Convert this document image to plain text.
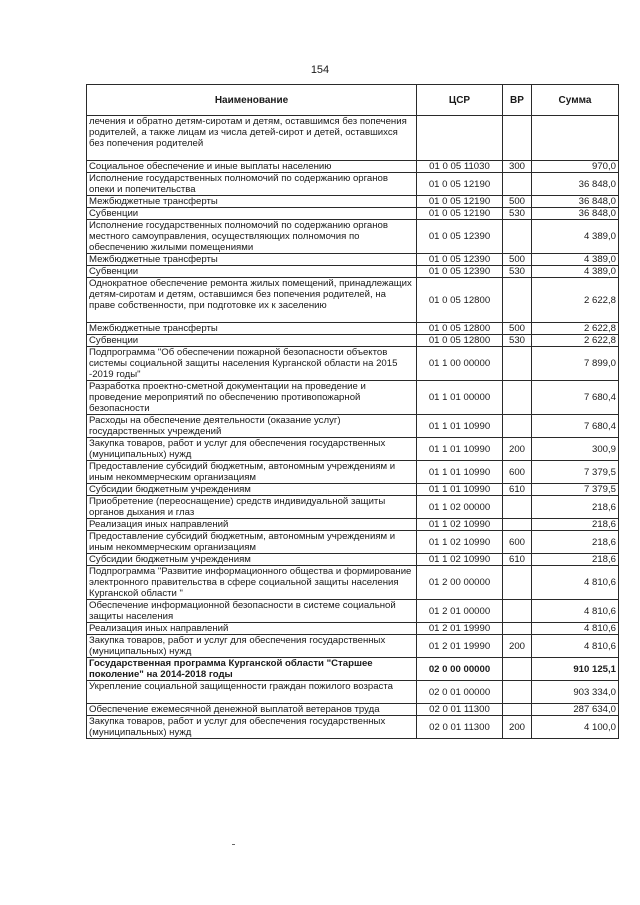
154
Наименование	ЦСР	ВР	Сумма
лечения и обратно детям-сиротам и детям, оставшимся без попечения родителей, а также лицам из числа детей-сирот и детей, оставшихся без попечения родителей			
Социальное обеспечение и иные выплаты населению	01 0 05 11030	300	970,0
Исполнение государственных полномочий по содержанию органов опеки и попечительства	01 0 05 12190		36 848,0
Межбюджетные трансферты	01 0 05 12190	500	36 848,0
Субвенции	01 0 05 12190	530	36 848,0
Исполнение государственных полномочий по содержанию органов местного самоуправления, осуществляющих полномочия по обеспечению жилыми помещениями	01 0 05 12390		4 389,0
Межбюджетные трансферты	01 0 05 12390	500	4 389,0
Субвенции	01 0 05 12390	530	4 389,0
Однократное обеспечение ремонта жилых помещений, принадлежащих детям-сиротам и детям, оставшимся без попечения родителей, на праве собственности, при подготовке их к заселению	01 0 05 12800		2 622,8
Межбюджетные трансферты	01 0 05 12800	500	2 622,8
Субвенции	01 0 05 12800	530	2 622,8
Подпрограмма "Об обеспечении пожарной безопасности объектов системы социальной защиты населения Курганской области на 2015 -2019 годы"	01 1 00 00000		7 899,0
Разработка проектно-сметной документации на проведение и проведение мероприятий по обеспечению противопожарной безопасности	01 1 01 00000		7 680,4
Расходы на обеспечение деятельности (оказание услуг) государственных учреждений	01 1 01 10990		7 680,4
Закупка товаров, работ и услуг для обеспечения государственных (муниципальных) нужд	01 1 01 10990	200	300,9
Предоставление субсидий бюджетным, автономным учреждениям и иным некоммерческим организациям	01 1 01 10990	600	7 379,5
Субсидии бюджетным учреждениям	01 1 01 10990	610	7 379,5
Приобретение (переоснащение) средств индивидуальной защиты органов дыхания и глаз	01 1 02 00000		218,6
Реализация иных направлений	01 1 02 10990		218,6
Предоставление субсидий бюджетным, автономным учреждениям и иным некоммерческим организациям	01 1 02 10990	600	218,6
Субсидии бюджетным учреждениям	01 1 02 10990	610	218,6
Подпрограмма "Развитие информационного общества и формирование электронного правительства в сфере социальной защиты населения Курганской области "	01 2 00 00000		4 810,6
Обеспечение информационной безопасности в системе социальной защиты населения	01 2 01 00000		4 810,6
Реализация иных направлений	01 2 01 19990		4 810,6
Закупка товаров, работ и услуг для обеспечения государственных (муниципальных) нужд	01 2 01 19990	200	4 810,6
Государственная программа Курганской области "Старшее поколение" на 2014-2018 годы	02 0 00 00000		910 125,1
Укрепление социальной защищенности граждан пожилого возраста	02 0 01 00000		903 334,0
Обеспечение ежемесячной денежной выплатой ветеранов труда	02 0 01 11300		287 634,0
Закупка товаров, работ и услуг для обеспечения государственных (муниципальных) нужд	02 0 01 11300	200	4 100,0
